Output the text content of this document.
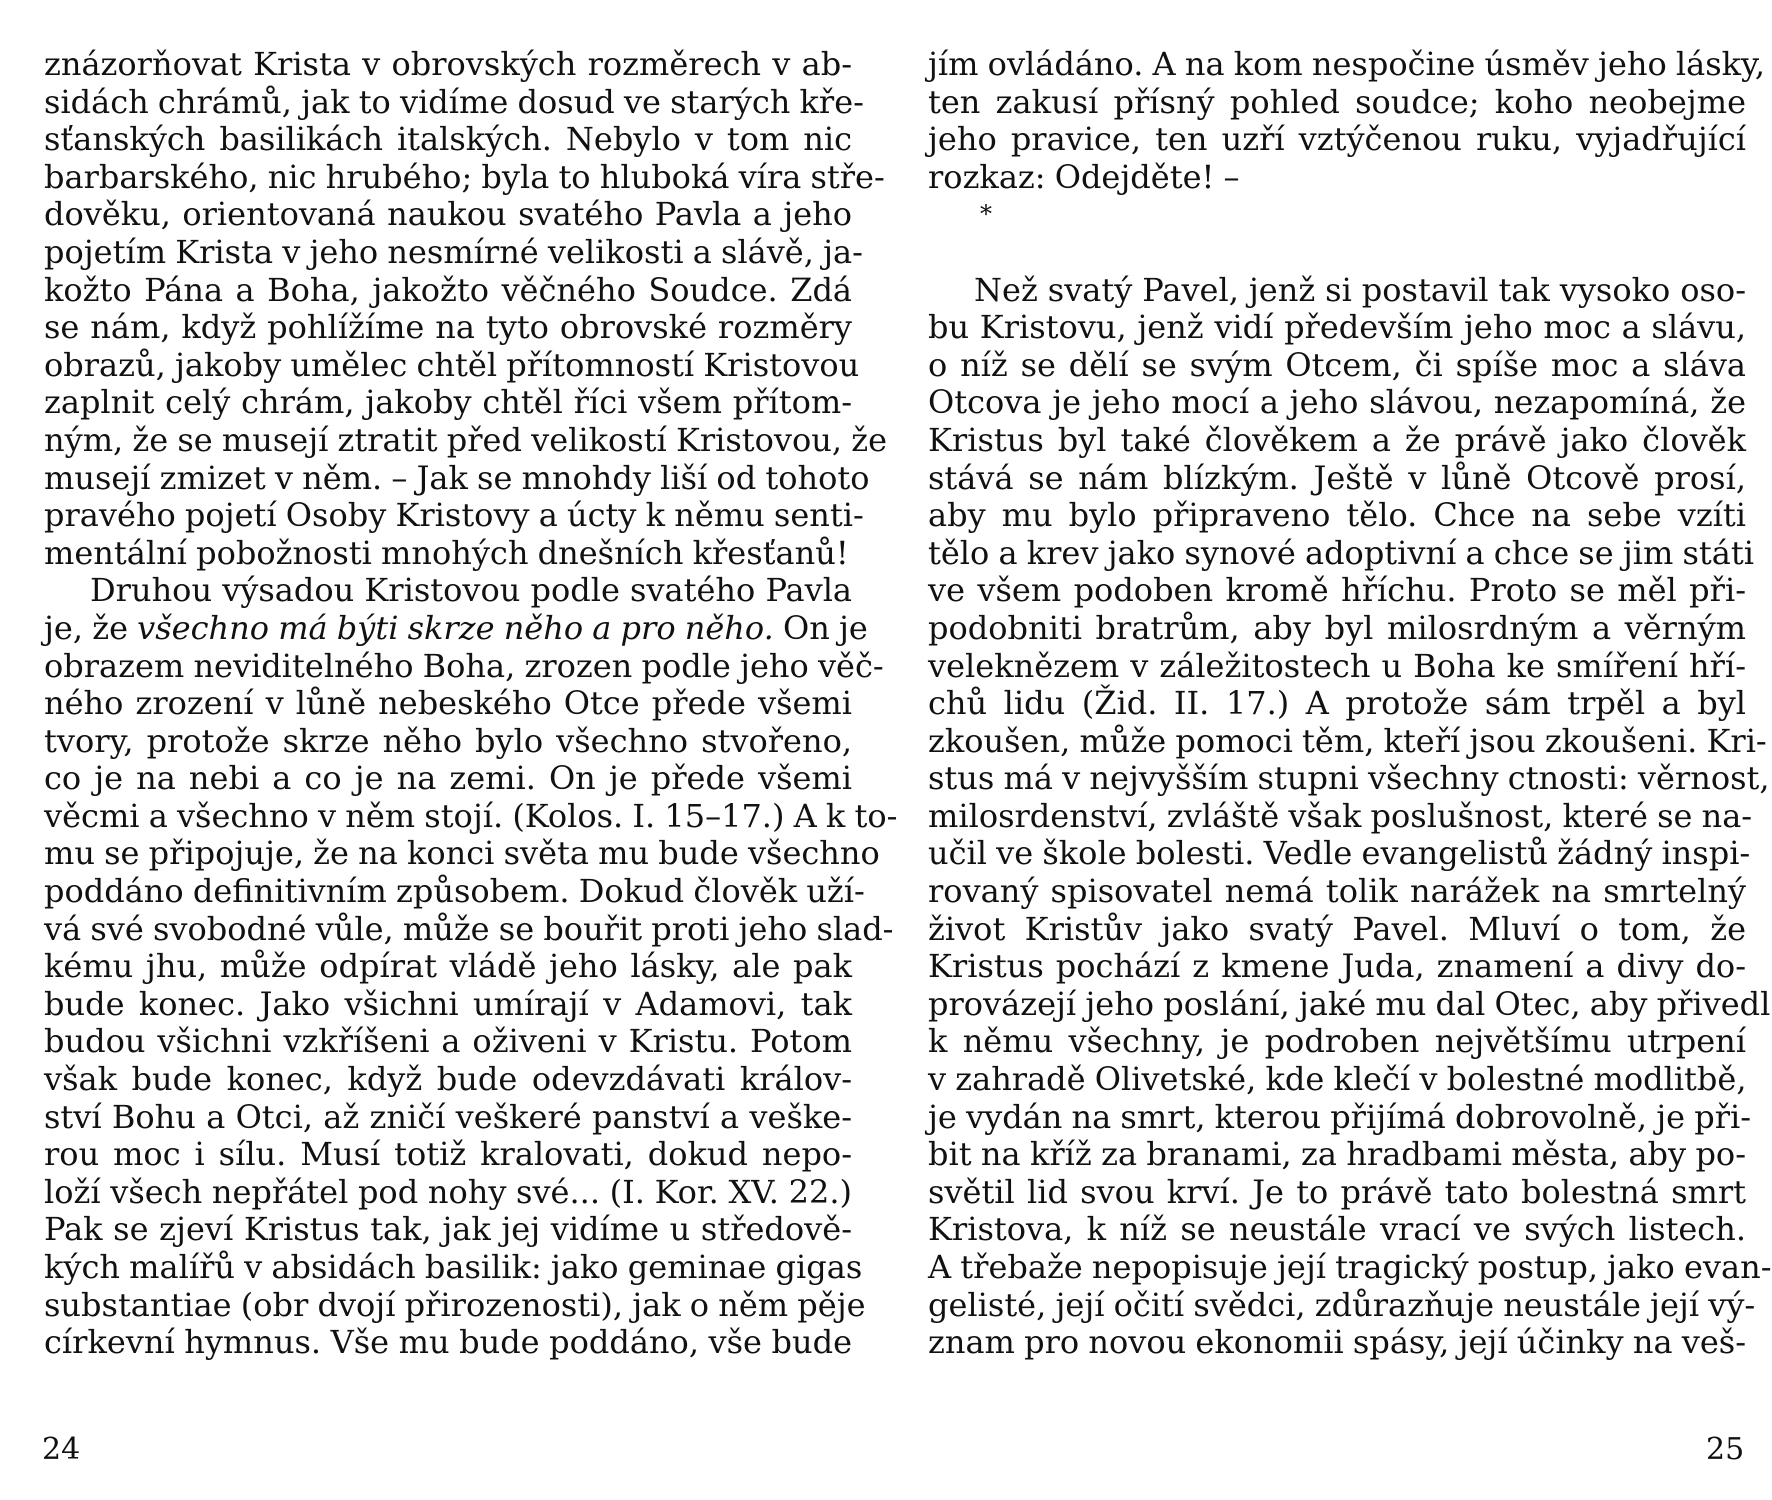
znázorňovat Krista v obrovských rozměrech v ab-
sidách chrámů, jak to vidíme dosud ve starých kře-
sťanských basilikách italských. Nebylo v tom nic
barbarského, nic hrubého; byla to hluboká víra stře-
dověku, orientovaná naukou svatého Pavla a jeho
pojetím Krista v jeho nesmírné velikosti a slávě, ja-
kožto Pána a Boha, jakožto věčného Soudce. Zdá
se nám, když pohlížíme na tyto obrovské rozměry
obrazů, jakoby umělec chtěl přítomností Kristovou
zaplnit celý chrám, jakoby chtěl říci všem přítom-
ným, že se musejí ztratit před velikostí Kristovou, že
musejí zmizet v něm. – Jak se mnohdy liší od tohoto
pravého pojetí Osoby Kristovy a úcty k němu senti-
mentální pobožnosti mnohých dnešních křesťanů!
Druhou výsadou Kristovou podle svatého Pavla
je, že všechno má býti skrze něho a pro něho. On je
obrazem neviditelného Boha, zrozen podle jeho věč-
ného zrození v lůně nebeského Otce přede všemi
tvory, protože skrze něho bylo všechno stvořeno,
co je na nebi a co je na zemi. On je přede všemi
věcmi a všechno v něm stojí. (Kolos. I. 15–17.) A k to-
mu se připojuje, že na konci světa mu bude všechno
poddáno definitivním způsobem. Dokud člověk uží-
vá své svobodné vůle, může se bouřit proti jeho slad-
kému jhu, může odpírat vládě jeho lásky, ale pak
bude konec. Jako všichni umírají v Adamovi, tak
budou všichni vzkříšeni a oživeni v Kristu. Potom
však bude konec, když bude odevzdávati králov-
ství Bohu a Otci, až zničí veškeré panství a veške-
rou moc i sílu. Musí totiž kralovati, dokud nepo-
loží všech nepřátel pod nohy své... (I. Kor. XV. 22.)
Pak se zjeví Kristus tak, jak jej vidíme u středově-
kých malířů v absidách basilik: jako geminae gigas
substantiae (obr dvojí přirozenosti), jak o něm pěje
církevní hymnus. Vše mu bude poddáno, vše bude
24
jím ovládáno. A na kom nespočine úsměv jeho lásky,
ten zakusí přísný pohled soudce; koho neobejme
jeho pravice, ten uzří vztýčenou ruku, vyjadřující
rozkaz: Odejděte! –
*
Než svatý Pavel, jenž si postavil tak vysoko oso-
bu Kristovu, jenž vidí především jeho moc a slávu,
o níž se dělí se svým Otcem, či spíše moc a sláva
Otcova je jeho mocí a jeho slávou, nezapomíná, že
Kristus byl také člověkem a že právě jako člověk
stává se nám blízkým. Ještě v lůně Otcově prosí,
aby mu bylo připraveno tělo. Chce na sebe vzíti
tělo a krev jako synové adoptivní a chce se jim státi
ve všem podoben kromě hříchu. Proto se měl při-
podobniti bratrům, aby byl milosrdným a věrným
veleknězem v záležitostech u Boha ke smíření hří-
chů lidu (Žid. II. 17.) A protože sám trpěl a byl
zkoušen, může pomoci těm, kteří jsou zkoušeni. Kri-
stus má v nejvyšším stupni všechny ctnosti: věrnost,
milosrdenství, zvláště však poslušnost, které se na-
učil ve škole bolesti. Vedle evangelistů žádný inspi-
rovaný spisovatel nemá tolik narážek na smrtelný
život Kristův jako svatý Pavel. Mluví o tom, že
Kristus pochází z kmene Juda, znamení a divy do-
provázejí jeho poslání, jaké mu dal Otec, aby přivedl
k němu všechny, je podroben největšímu utrpení
v zahradě Olivetské, kde klečí v bolestné modlitbě,
je vydán na smrt, kterou přijímá dobrovolně, je při-
bit na kříž za branami, za hradbami města, aby po-
světil lid svou krví. Je to právě tato bolestná smrt
Kristova, k níž se neustále vrací ve svých listech.
A třebaže nepopisuje její tragický postup, jako evan-
gelisté, její očití svědci, zdůrazňuje neustále její vý-
znam pro novou ekonomii spásy, její účinky na veš-
25
